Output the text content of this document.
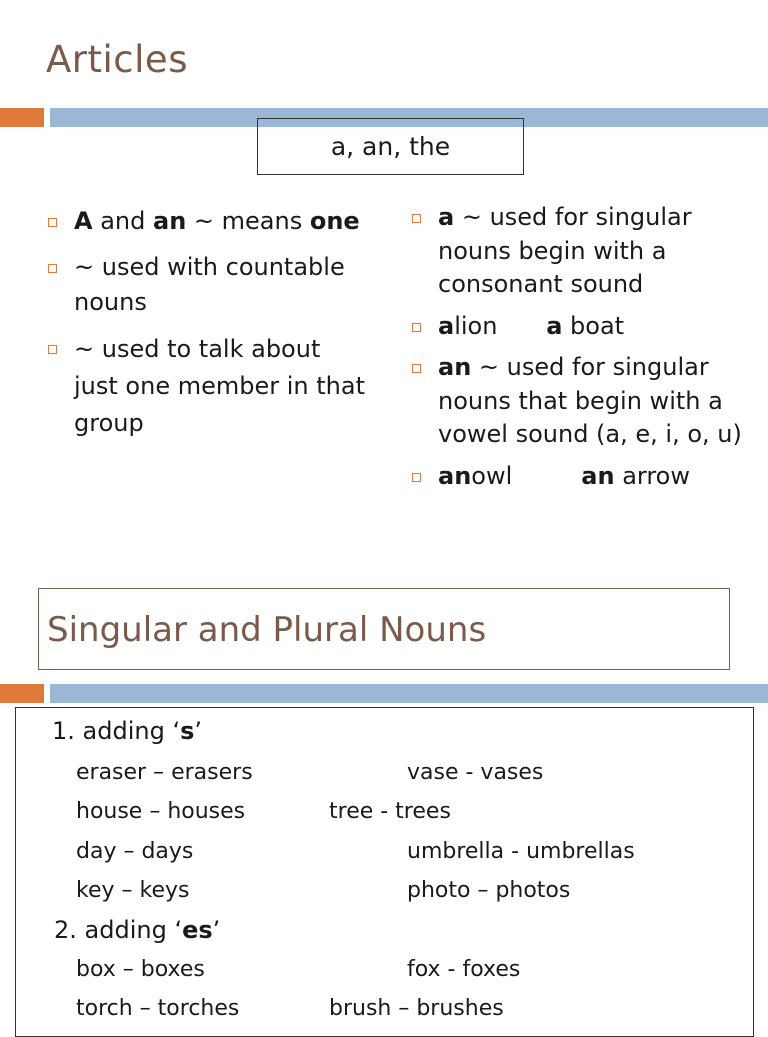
Articles
a, an, the
A and an ~ means one
~ used with countable nouns
~ used to talk about just one member in that group
a ~ used for singular nouns begin with a consonant sound
alion a boat
an ~ used for singular nouns that begin with a vowel sound (a, e, i, o, u)
anowl	an arrow
Singular and Plural Nouns
1. adding ‘s’
eraser – erasers	vase - vases
house – houses	tree - trees
day – days	umbrella - umbrellas
key – keys	photo – photos
2. adding ‘es’
box – boxes	fox - foxes
torch – torches	brush – brushes
